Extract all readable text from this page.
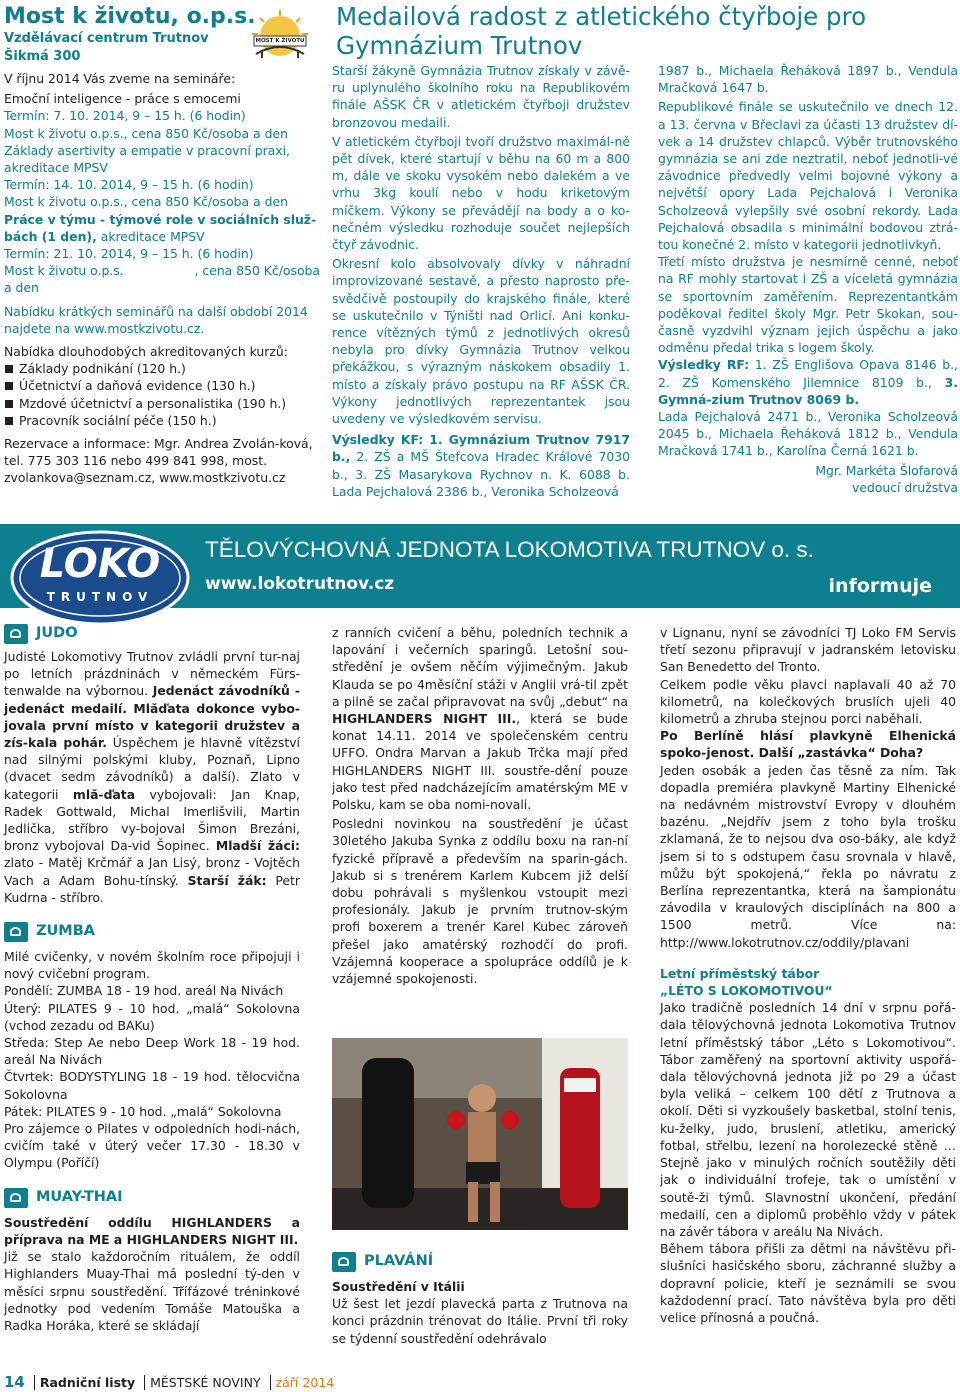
Most k životu, o.p.s.
Vzdělávací centrum Trutnov
Šikmá 300

V říjnu 2014 Vás zveme na semináře:

Emoční inteligence - práce s emocemi

Termín: 7. 10. 2014, 9 – 15 h. (6 hodin)

Most k životu o.p.s., cena 850 Kč/osoba a den

Základy asertivity a empatie v pracovní praxi,

akreditace MPSV

Termín: 14. 10. 2014, 9 – 15 h. (6 hodin)

Most k životu o.p.s., cena 850 Kč/osoba a den

Práce v týmu - týmové role v sociálních služ-

bách (1 den), akreditace MPSV

Termín: 21. 10. 2014, 9 – 15 h. (6 hodin)

Most k životu o.p.s.	, cena 850 Kč/osoba

a den

Nabídku krátkých seminářů na další období 2014 najdete na www.mostkzivotu.cz.

Nabídka dlouhodobých akreditovaných kurzů:

Základy podnikání (120 h.)
Účetnictví a daňová evidence (130 h.)
Mzdové účetnictví a personalistika (190 h.)
Pracovník sociální péče (150 h.)

Rezervace a informace: Mgr. Andrea Zvolán-ková, tel. 775 303 116 nebo 499 841 998, most. zvolankova@seznam.cz, www.mostkzivotu.cz

MOST K ŽIVOTU
Medailová radost z atletického čtyřboje pro Gymnázium Trutnov

Starší žákyně Gymnázia Trutnov získaly v závě-ru uplynulého školního roku na Republikovém finále AŠSK ČR v atletickém čtyřboji družstev bronzovou medaili.

V atletickém čtyřboji tvoří družstvo maximál-ně pět dívek, které startují v běhu na 60 m a 800 m, dále ve skoku vysokém nebo dalekém a ve vrhu 3kg koulí nebo v hodu kriketovým míčkem. Výkony se převádějí na body a o ko-nečném výsledku rozhoduje součet nejlepších čtyř závodnic.

Okresní kolo absolvovaly dívky v náhradní improvizované sestavě, a přesto naprosto pře-svědčivě postoupily do krajského finále, které se uskutečnilo v Týništi nad Orlicí. Ani konku-rence vítězných týmů z jednotlivých okresů nebyla pro dívky Gymnázia Trutnov velkou překážkou, s výrazným náskokem obsadily 1. místo a získaly právo postupu na RF AŠSK ČR. Výkony jednotlivých reprezentantek jsou uvedeny ve výsledkovém servisu.

Výsledky KF: 1. Gymnázium Trutnov 7917 b., 2. ZŠ a MŠ Štefcova Hradec Králové 7030 b., 3. ZŠ Masarykova Rychnov n. K. 6088 b. Lada Pejchalová 2386 b., Veronika Scholzeová

1987 b., Michaela Řeháková 1897 b., Vendula Mračková 1647 b.

Republikové finále se uskutečnilo ve dnech 12. a 13. června v Břeclavi za účasti 13 družstev dí-vek a 14 družstev chlapců. Výběr trutnovského gymnázia se ani zde neztratil, neboť jednotli-vé závodnice předvedly velmi bojovné výkony a největší opory Lada Pejchalová i Veronika Scholzeová vylepšily své osobní rekordy. Lada Pejchalová obsadila s minimální bodovou ztrá-tou konečné 2. místo v kategorii jednotlivkyň.

Třetí místo družstva je nesmírně cenné, neboť na RF mohly startovat i ZŠ a víceletá gymnázia se sportovním zaměřením. Reprezentantkám poděkoval ředitel školy Mgr. Petr Skokan, sou-časně vyzdvihl význam jejich úspěchu a jako odměnu předal trika s logem školy.

Výsledky RF: 1. ZŠ Englišova Opava 8146 b., 2. ZŠ Komenského Jilemnice 8109 b., 3. Gymná-zium Trutnov 8069 b.

Lada Pejchalová 2471 b., Veronika Scholzeová 2045 b., Michaela Řeháková 1812 b., Vendula Mračková 1741 b., Karolína Černá 1621 b.

Mgr. Markéta Šlofarová

vedoucí družstva

LOKO
TRUTNOV
TĚLOVÝCHOVNÁ JEDNOTA LOKOMOTIVA TRUTNOV o. s.
www.lokotrutnov.cz	informuje
JUDO

Judisté Lokomotivy Trutnov zvládli první tur-naj po letních prázdninách v německém Fürs-tenwalde na výbornou. Jedenáct závodníků - jedenáct medailí. Mlăďata dokonce vybo-jovala první místo v kategorii družstev a zís-kala pohár. Úspěchem je hlavně vítězství nad silnými polskými kluby, Poznaň, Lipno (dvacet sedm závodníků) a další). Zlato v kategorii mlă-ďata vybojovali: Jan Knap, Radek Gottwald, Michal Imerlišvili, Martin Jedlička, stříbro vy-bojoval Šimon Brezáni, bronz vybojoval Da-vid Šopinec. Mladší žáci: zlato - Matěj Krčmář a Jan Lisý, bronz - Vojtěch Vach a Adam Bohu-tínský. Starší žák: Petr Kudrna - stříbro.

ZUMBA

Milé cvičenky, v novém školním roce připojuji i nový cvičební program.

Pondělí: ZUMBA 18 - 19 hod. areál Na Nivách

Úterý: PILATES 9 - 10 hod. „malá“ Sokolovna (vchod zezadu od BAKu)

Středa: Step Ae nebo Deep Work 18 - 19 hod. areál Na Nivách

Čtvrtek: BODYSTYLING 18 - 19 hod. tělocvična Sokolovna

Pátek: PILATES 9 - 10 hod. „malá“ Sokolovna

Pro zájemce o Pilates v odpoledních hodi-nách, cvičím také v úterý večer 17.30 - 18.30 v Olympu (Poříčí)

MUAY-THAI

Soustředění oddílu HIGHLANDERS a příprava na ME a HIGHLANDERS NIGHT III.

Již se stalo každoročním rituálem, že oddíl Highlanders Muay-Thai má poslední tý-den v měsíci srpnu soustředění. Třífázové tréninkové jednotky pod vedením Tomáše Matouška a Radka Horáka, které se skládají

z ranních cvičení a běhu, poledních technik a lapování i večerních sparingů. Letošní sou-středění je ovšem něčím výjimečným. Jakub Klauda se po 4měsíční stáži v Anglii vrá-til zpět a pilně se začal připravovat na svůj „debut“ na HIGHLANDERS NIGHT III., která se bude konat 14.11. 2014 ve společenském centru UFFO. Ondra Marvan a Jakub Trčka mají před HIGHLANDERS NIGHT III. soustře-dění pouze jako test před nadcházejícím amatérským ME v Polsku, kam se oba nomi-novali.

Posledni novinkou na soustředění je účast 30letého Jakuba Synka z oddílu boxu na ran-ní fyzické přípravě a především na sparin-gách. Jakub si s trenérem Karlem Kubcem již delší dobu pohrávali s myšlenkou vstoupit mezi profesionály. Jakub je prvním trutnov-ským profi boxerem a trenér Karel Kubec zároveň přešel jako amatérský rozhodčí do profi. Vzájemná kooperace a spolupráce oddílů je k vzájemné spokojenosti.

PLAVÁNÍ

Soustředění v Itálii

Už šest let jezdí plavecká parta z Trutnova na konci prázdnin trénovat do Itálie. První tři roky se týdenní soustředění odehrávalo

v Lignanu, nyní se závodníci TJ Loko FM Servis třetí sezonu připravují v jadranském letovisku San Benedetto del Tronto.

Celkem podle věku plavci naplavali 40 až 70 kilometrů, na kolečkových bruslích ujeli 40 kilometrů a zhruba stejnou porci naběhali.

Po Berlíně hlásí plavkyně Elhenická spoko-jenost. Další „zastávka“ Doha?

Jeden osobák a jeden čas těsně za ním. Tak dopadla premiéra plavkyně Martiny Elhenické na nedávném mistrovství Evropy v dlouhém bazénu. „Nejdřív jsem z toho byla trošku zklamaná, že to nejsou dva oso-báky, ale když jsem si to s odstupem času srovnala v hlavě, můžu být spokojená,“ řekla po návratu z Berlína reprezentantka, která na šampionátu závodila v kraulových disciplínách na 800 a 1500 metrů. Více na: http://www.lokotrutnov.cz/oddily/plavani

Letní příměstský tábor

„LÉTO S LOKOMOTIVOU“

Jako tradičně posledních 14 dní v srpnu pořá-dala tělovýchovná jednota Lokomotiva Trutnov letní příměstský tábor „Léto s Lokomotivou“. Tábor zaměřený na sportovní aktivity uspořá-dala tělovýchovná jednota již po 29 a účast byla veliká – celkem 100 dětí z Trutnova a okolí. Děti si vyzkoušely basketbal, stolní tenis, ku-želky, judo, bruslení, atletiku, americký fotbal, střelbu, lezení na horolezecké stěně … Stejně jako v minulých ročních soutěžily děti jak o individuální trofeje, tak o umístění v soutě-ži týmů. Slavnostní ukončení, předání medailí, cen a diplomů proběhlo vždy v pátek na závěr tábora v areálu Na Nivách.

Během tábora přišli za dětmi na návštěvu při-slušníci hasičského sboru, záchranné služby a dopravní policie, kteří je seznámili se svou každodenní prací. Tato návštěva byla pro děti velice přínosná a poučná.

14 Radniční listy MĚSTSKÉ NOVINY září 2014
